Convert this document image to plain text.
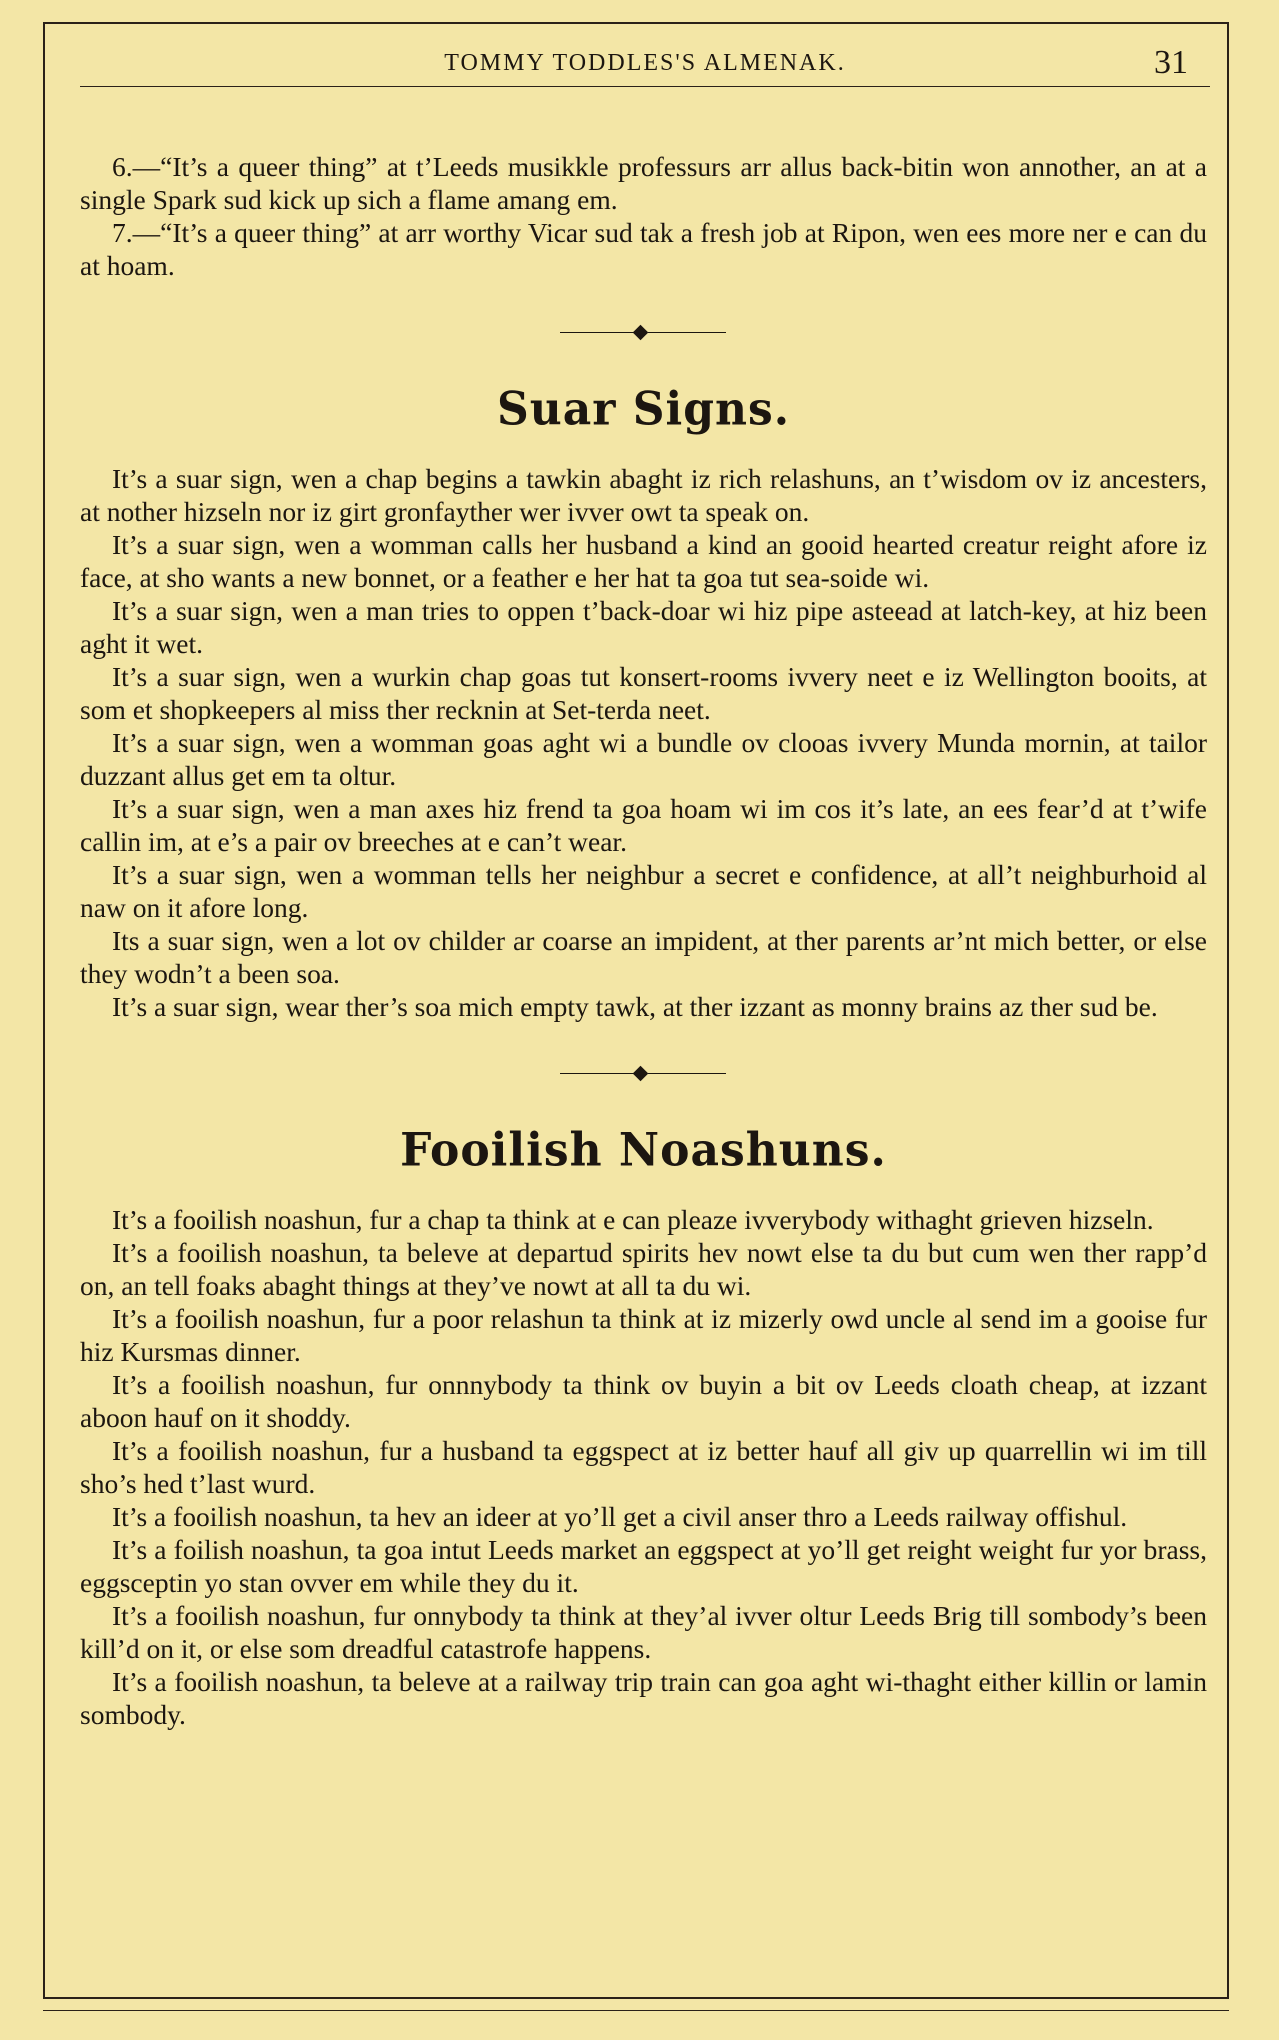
TOMMY TODDLES'S ALMENAK.	31

6.—“It’s a queer thing” at t’Leeds musikkle professurs arr allus back-bitin won annother, an at a single Spark sud kick up sich a flame amang em.

7.—“It’s a queer thing” at arr worthy Vicar sud tak a fresh job at Ripon, wen ees more ner e can du at hoam.

Suar Signs.

It’s a suar sign, wen a chap begins a tawkin abaght iz rich relashuns, an t’wisdom ov iz ancesters, at nother hizseln nor iz girt gronfayther wer ivver owt ta speak on.

It’s a suar sign, wen a womman calls her husband a kind an gooid hearted creatur reight afore iz face, at sho wants a new bonnet, or a feather e her hat ta goa tut sea-soide wi.

It’s a suar sign, wen a man tries to oppen t’back-doar wi hiz pipe asteead at latch-key, at hiz been aght it wet.

It’s a suar sign, wen a wurkin chap goas tut konsert-rooms ivvery neet e iz Wellington booits, at som et shopkeepers al miss ther recknin at Set-terda neet.

It’s a suar sign, wen a womman goas aght wi a bundle ov clooas ivvery Munda mornin, at tailor duzzant allus get em ta oltur.

It’s a suar sign, wen a man axes hiz frend ta goa hoam wi im cos it’s late, an ees fear’d at t’wife callin im, at e’s a pair ov breeches at e can’t wear.

It’s a suar sign, wen a womman tells her neighbur a secret e confidence, at all’t neighburhoid al naw on it afore long.

Its a suar sign, wen a lot ov childer ar coarse an impident, at ther parents ar’nt mich better, or else they wodn’t a been soa.

It’s a suar sign, wear ther’s soa mich empty tawk, at ther izzant as monny brains az ther sud be.

Fooilish Noashuns.

It’s a fooilish noashun, fur a chap ta think at e can pleaze ivverybody withaght grieven hizseln.

It’s a fooilish noashun, ta beleve at departud spirits hev nowt else ta du but cum wen ther rapp’d on, an tell foaks abaght things at they’ve nowt at all ta du wi.

It’s a fooilish noashun, fur a poor relashun ta think at iz mizerly owd uncle al send im a gooise fur hiz Kursmas dinner.

It’s a fooilish noashun, fur onnnybody ta think ov buyin a bit ov Leeds cloath cheap, at izzant aboon hauf on it shoddy.

It’s a fooilish noashun, fur a husband ta eggspect at iz better hauf all giv up quarrellin wi im till sho’s hed t’last wurd.

It’s a fooilish noashun, ta hev an ideer at yo’ll get a civil anser thro a Leeds railway offishul.

It’s a foilish noashun, ta goa intut Leeds market an eggspect at yo’ll get reight weight fur yor brass, eggsceptin yo stan ovver em while they du it.

It’s a fooilish noashun, fur onnybody ta think at they’al ivver oltur Leeds Brig till sombody’s been kill’d on it, or else som dreadful catastrofe happens.

It’s a fooilish noashun, ta beleve at a railway trip train can goa aght wi-thaght either killin or lamin sombody.
